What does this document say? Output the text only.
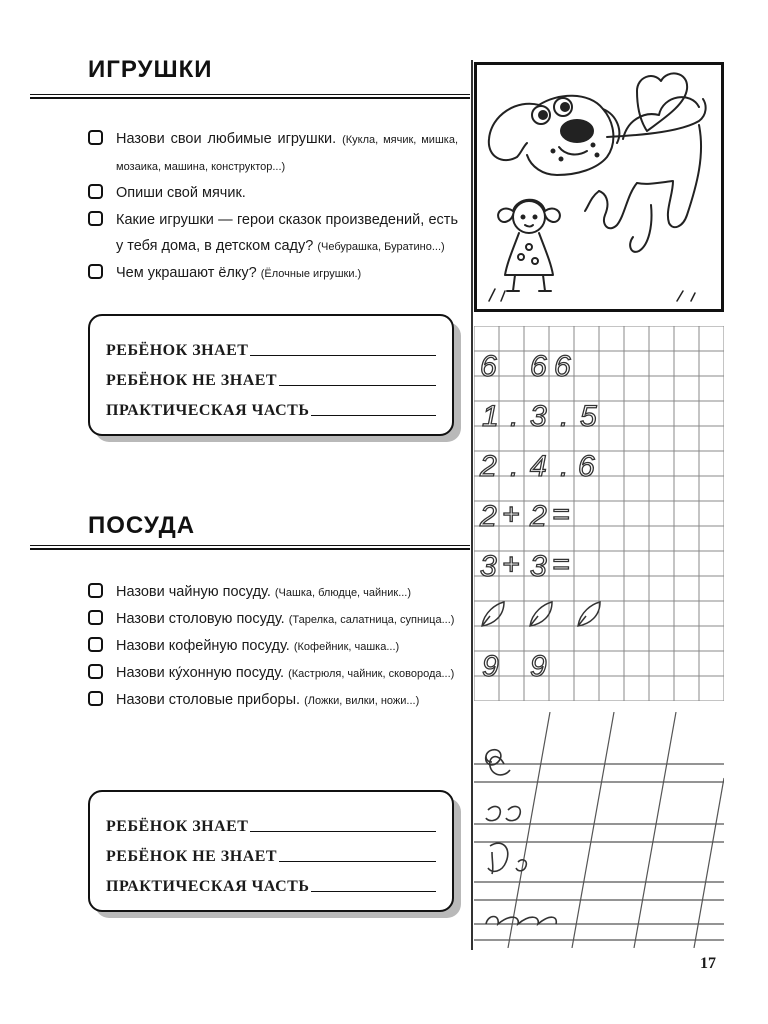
ИГРУШКИ
Назови свои любимые игрушки. (Кукла, мячик, мишка, мозаика, машина, конструктор...)
Опиши свой мячик.
Какие игрушки — герои сказок произведений, есть у тебя дома, в детском саду? (Чебурашка, Буратино...)
Чем украшают ёлку? (Ёлочные игрушки.)
РЕБЁНОК ЗНАЕТ
РЕБЁНОК НЕ ЗНАЕТ
ПРАКТИЧЕСКАЯ ЧАСТЬ
ПОСУДА
Назови чайную посуду. (Чашка, блюдце, чайник...)
Назови столовую посуду. (Тарелка, салатница, супница...)
Назови кофейную посуду. (Кофейник, чашка...)
Назови ку́хонную посуду. (Кастрюля, чайник, сковорода...)
Назови столовые приборы. (Ложки, вилки, ножи...)
РЕБЁНОК ЗНАЕТ
РЕБЁНОК НЕ ЗНАЕТ
ПРАКТИЧЕСКАЯ ЧАСТЬ
6 6 6
1 . 3 . 5
2 . 4 . 6
2 + 2 =
3 + 3 =
9 9
17
